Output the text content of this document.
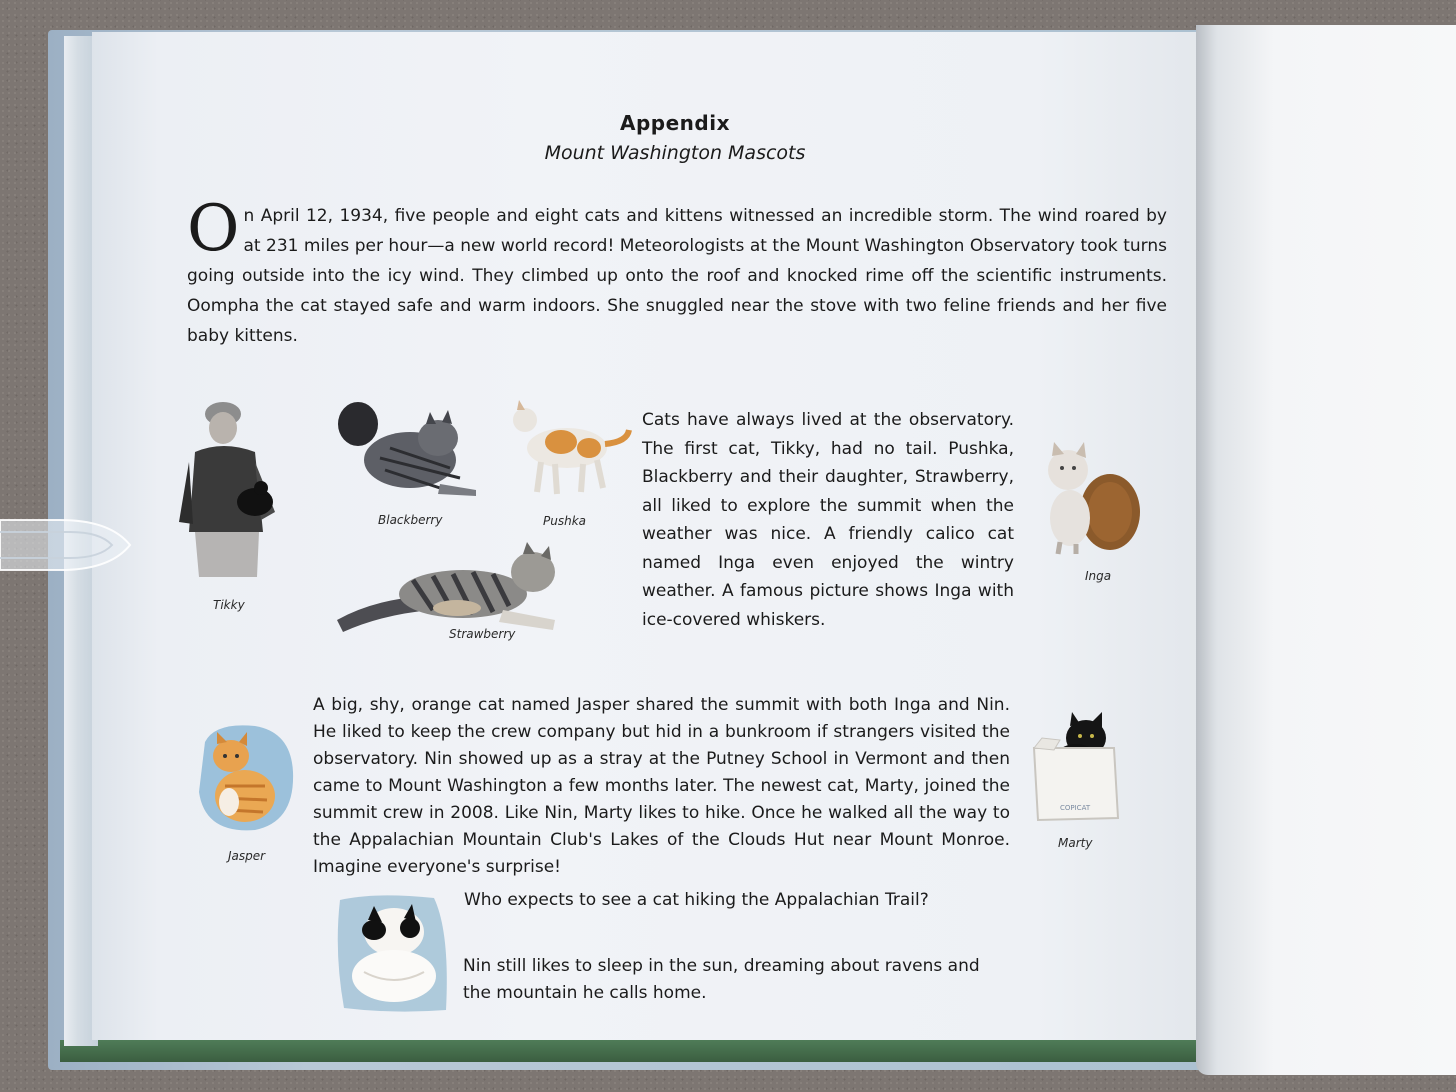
Appendix
Mount Washington Mascots
On April 12, 1934, five people and eight cats and kittens witnessed an incredible storm. The wind roared by at 231 miles per hour—a new world record! Meteorologists at the Mount Washington Observatory took turns going outside into the icy wind. They climbed up onto the roof and knocked rime off the scientific instruments. Oompha the cat stayed safe and warm indoors. She snuggled near the stove with two feline friends and her five baby kittens.
Tikky
Blackberry	Pushka
Strawberry
Inga
Cats have always lived at the observatory. The first cat, Tikky, had no tail. Pushka, Blackberry and their daughter, Strawberry, all liked to explore the summit when the weather was nice. A friendly calico cat named Inga even enjoyed the wintry weather. A famous picture shows Inga with ice-covered whiskers.
Jasper
COPICAT
Marty
A big, shy, orange cat named Jasper shared the summit with both Inga and Nin. He liked to keep the crew company but hid in a bunkroom if strangers visited the observatory. Nin showed up as a stray at the Putney School in Vermont and then came to Mount Washington a few months later. The newest cat, Marty, joined the summit crew in 2008. Like Nin, Marty likes to hike. Once he walked all the way to the Appalachian Mountain Club's Lakes of the Clouds Hut near Mount Monroe. Imagine everyone's surprise!
Who expects to see a cat hiking the Appalachian Trail?
Nin still likes to sleep in the sun, dreaming about ravens and the mountain he calls home.
